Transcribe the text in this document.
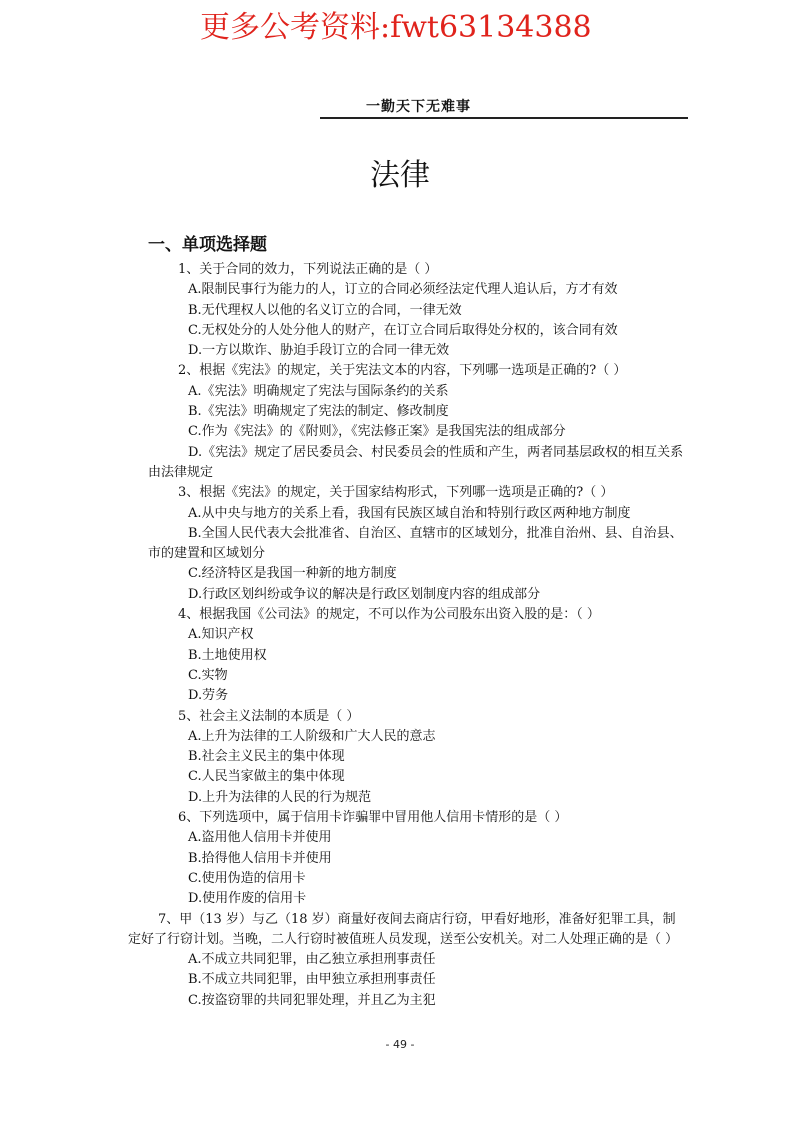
更多公考资料:fwt63134388
一勤天下无难事
法律
一、单项选择题

1、关于合同的效力，下列说法正确的是（ ）

A.限制民事行为能力的人，订立的合同必须经法定代理人追认后，方才有效

B.无代理权人以他的名义订立的合同，一律无效

C.无权处分的人处分他人的财产，在订立合同后取得处分权的，该合同有效

D.一方以欺诈、胁迫手段订立的合同一律无效

2、根据《宪法》的规定，关于宪法文本的内容，下列哪一选项是正确的?（ ）

A.《宪法》明确规定了宪法与国际条约的关系

B.《宪法》明确规定了宪法的制定、修改制度

C.作为《宪法》的《附则》，《宪法修正案》是我国宪法的组成部分

D.《宪法》规定了居民委员会、村民委员会的性质和产生，两者同基层政权的相互关系由法律规定

3、根据《宪法》的规定，关于国家结构形式，下列哪一选项是正确的?（ ）

A.从中央与地方的关系上看，我国有民族区域自治和特别行政区两种地方制度

B.全国人民代表大会批准省、自治区、直辖市的区域划分，批准自治州、县、自治县、市的建置和区域划分

C.经济特区是我国一种新的地方制度

D.行政区划纠纷或争议的解决是行政区划制度内容的组成部分

4、根据我国《公司法》的规定，不可以作为公司股东出资入股的是：（ ）

A.知识产权

B.土地使用权

C.实物

D.劳务

5、社会主义法制的本质是（ ）

A.上升为法律的工人阶级和广大人民的意志

B.社会主义民主的集中体现

C.人民当家做主的集中体现

D.上升为法律的人民的行为规范

6、下列选项中，属于信用卡诈骗罪中冒用他人信用卡情形的是（ ）

A.盗用他人信用卡并使用

B.拾得他人信用卡并使用

C.使用伪造的信用卡

D.使用作废的信用卡

7、甲（13 岁）与乙（18 岁）商量好夜间去商店行窃，甲看好地形，准备好犯罪工具，制定好了行窃计划。当晚，二人行窃时被值班人员发现，送至公安机关。对二人处理正确的是（ ）

A.不成立共同犯罪，由乙独立承担刑事责任

B.不成立共同犯罪，由甲独立承担刑事责任

C.按盗窃罪的共同犯罪处理，并且乙为主犯

- 49 -
